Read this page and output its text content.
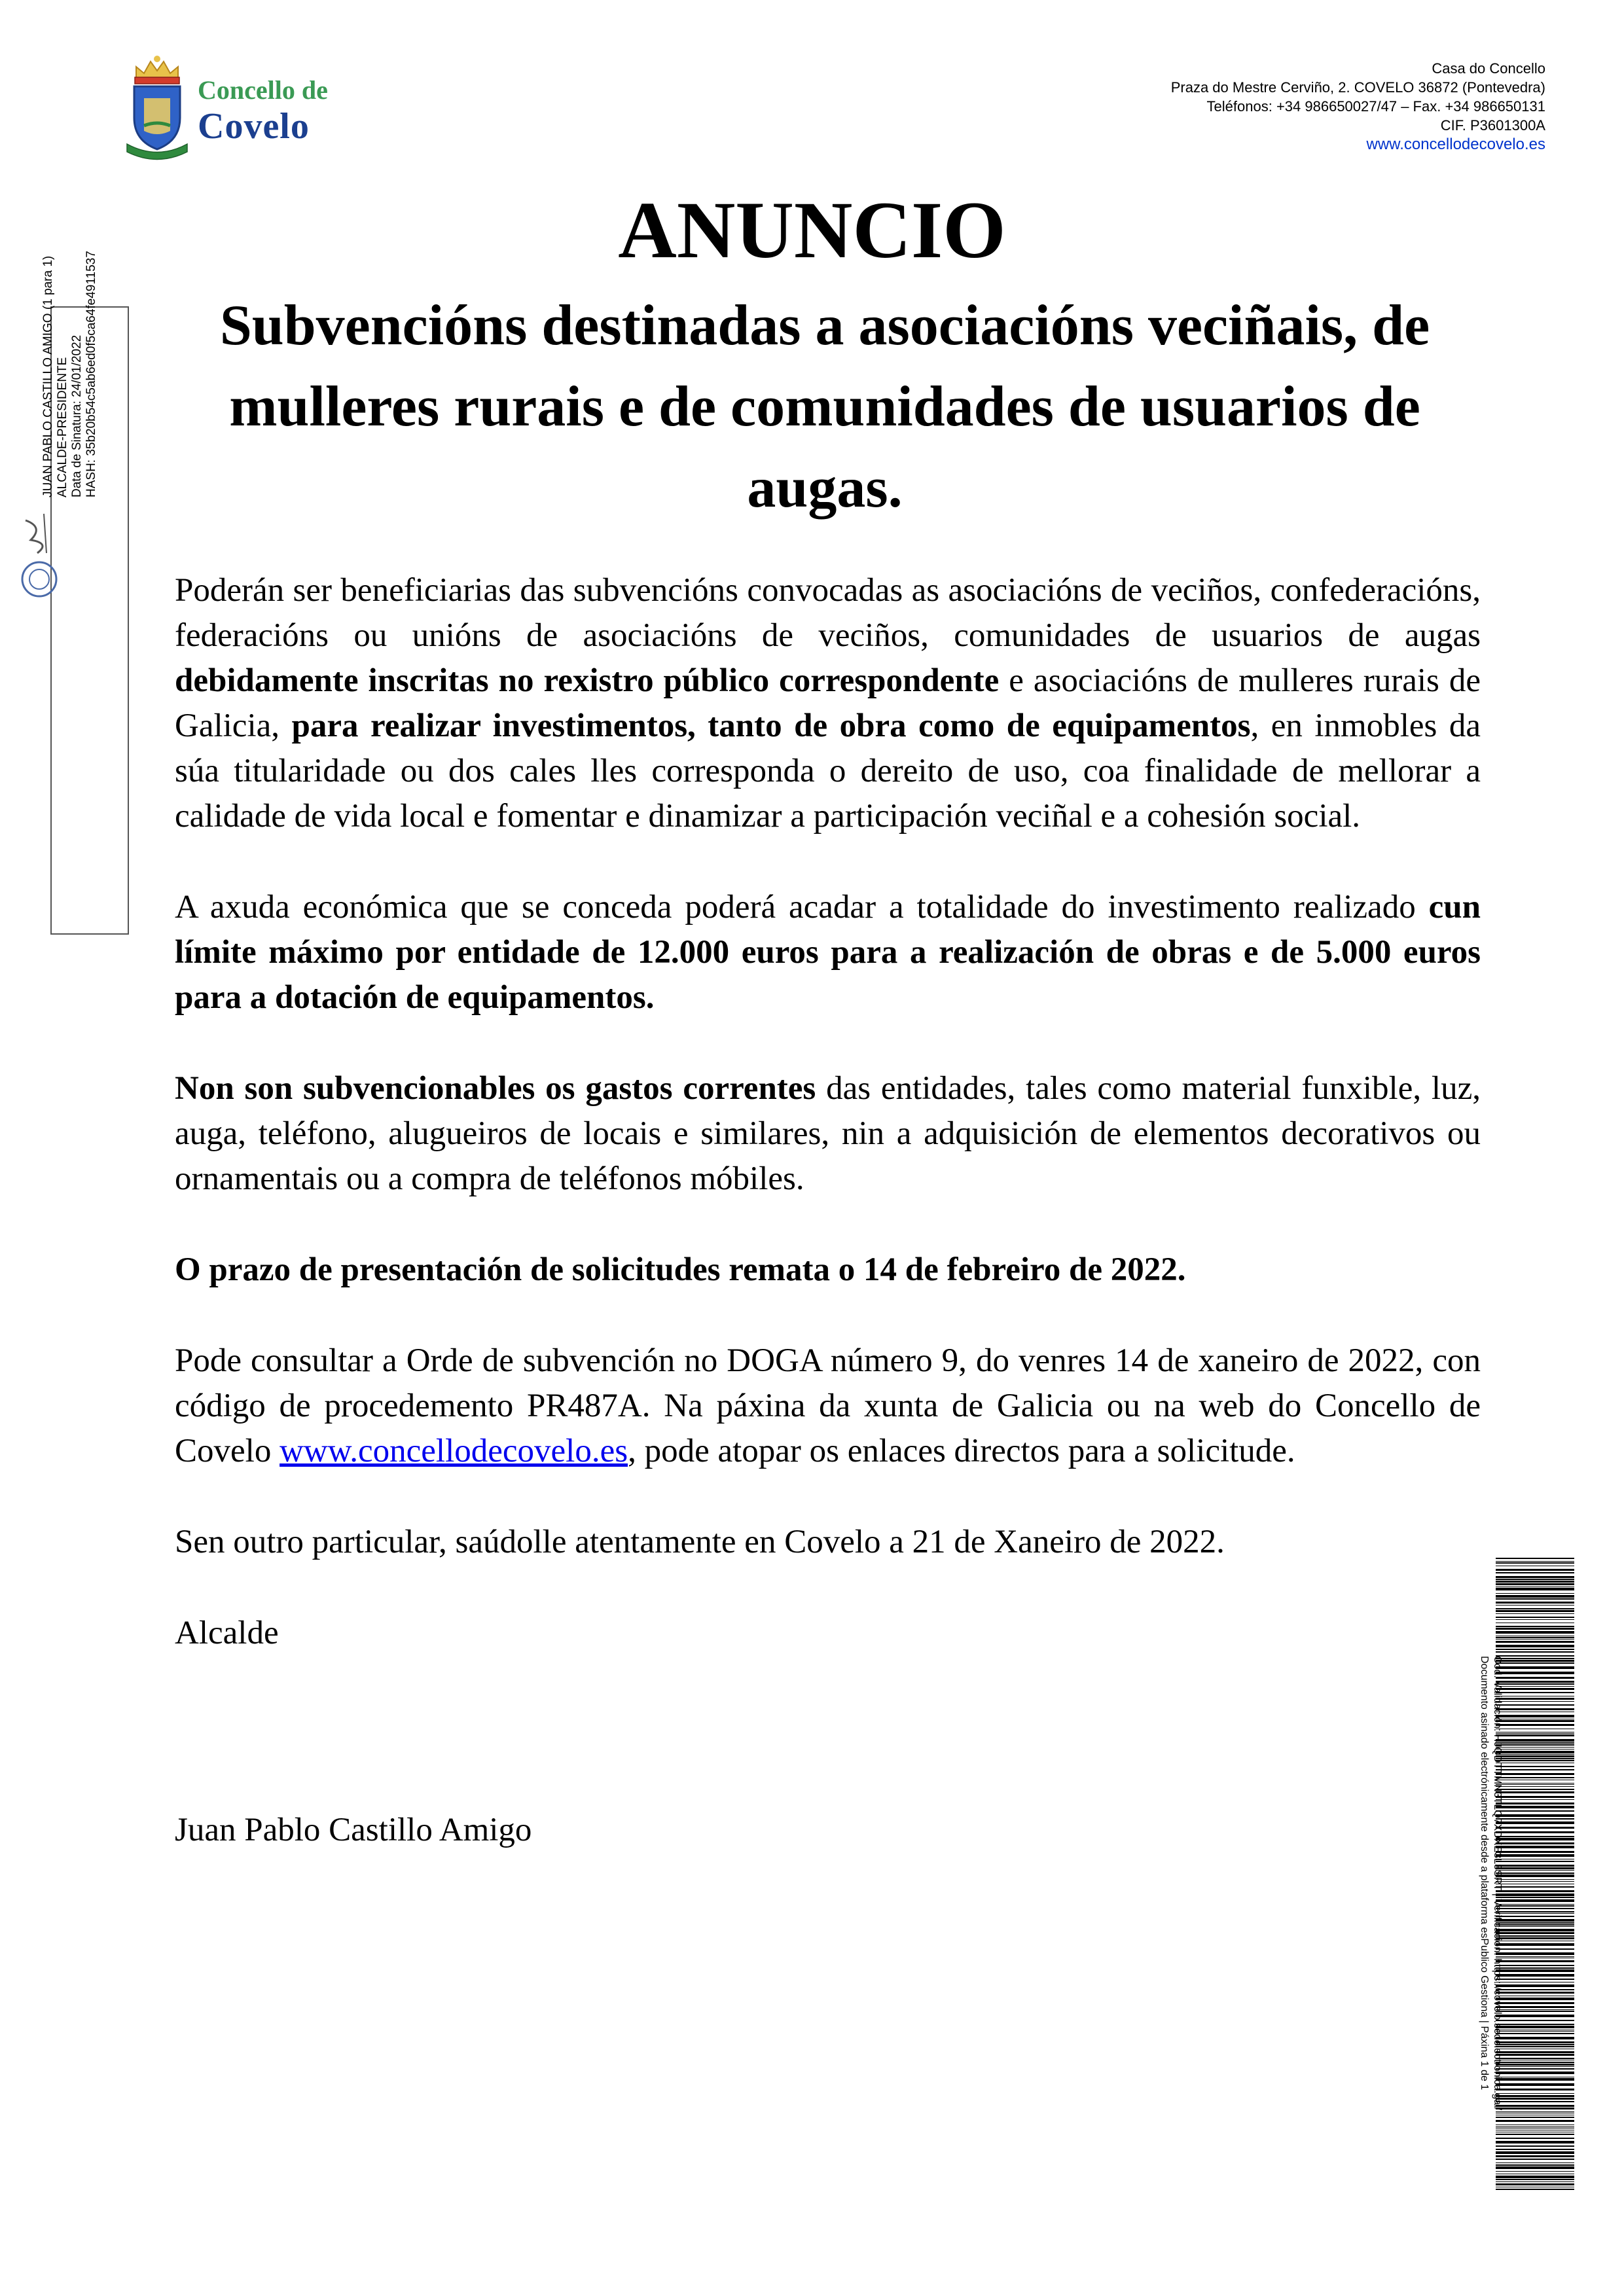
Concello de
Covelo
Casa do Concello
Praza do Mestre Cerviño, 2. COVELO 36872 (Pontevedra)
Teléfonos: +34 986650027/47 – Fax. +34 986650131
CIF. P3601300A
www.concellodecovelo.es
ANUNCIO
Subvencións destinadas a asociacións veciñais, de mulleres rurais e de comunidades de usuarios de augas.

Poderán ser beneficiarias das subvencións convocadas as asociacións de veciños, confederacións, federacións ou unións de asociacións de veciños, comunidades de usuarios de augas debidamente inscritas no rexistro público correspondente e asociacións de mulleres rurais de Galicia, para realizar investimentos, tanto de obra como de equipamentos, en inmobles da súa titularidade ou dos cales lles corresponda o dereito de uso, coa finalidade de mellorar a calidade de vida local e fomentar e dinamizar a participación veciñal e a cohesión social.

A axuda económica que se conceda poderá acadar a totalidade do investimento realizado cun límite máximo por entidade de 12.000 euros para a realización de obras e de 5.000 euros para a dotación de equipamentos.

Non son subvencionables os gastos correntes das entidades, tales como material funxible, luz, auga, teléfono, alugueiros de locais e similares, nin a adquisición de elementos decorativos ou ornamentais ou a compra de teléfonos móbiles.

O prazo de presentación de solicitudes remata o 14 de febreiro de 2022.

Pode consultar a Orde de subvención no DOGA número 9, do venres 14 de xaneiro de 2022, con código de procedemento PR487A. Na páxina da xunta de Galicia ou na web do Concello de Covelo www.concellodecovelo.es, pode atopar os enlaces directos para a solicitude.

Sen outro particular, saúdolle atentamente en Covelo a 21 de Xaneiro de 2022.

Alcalde

Juan Pablo Castillo Amigo

JUAN PABLO CASTILLO AMIGO (1 para 1) ALCALDE-PRESIDENTE Data de Sinatura: 24/01/2022 HASH: 35b20b54c5ab6ed0f5ca64fe4911537
Cod. Validación: HJQDTTMN3TLQ7XDXE3L3SRT | Verificación: https://covelo.sedelectronica.gal/
Documento asinado electrónicamente desde a plataforma esPublico Gestiona | Páxina 1 de 1
